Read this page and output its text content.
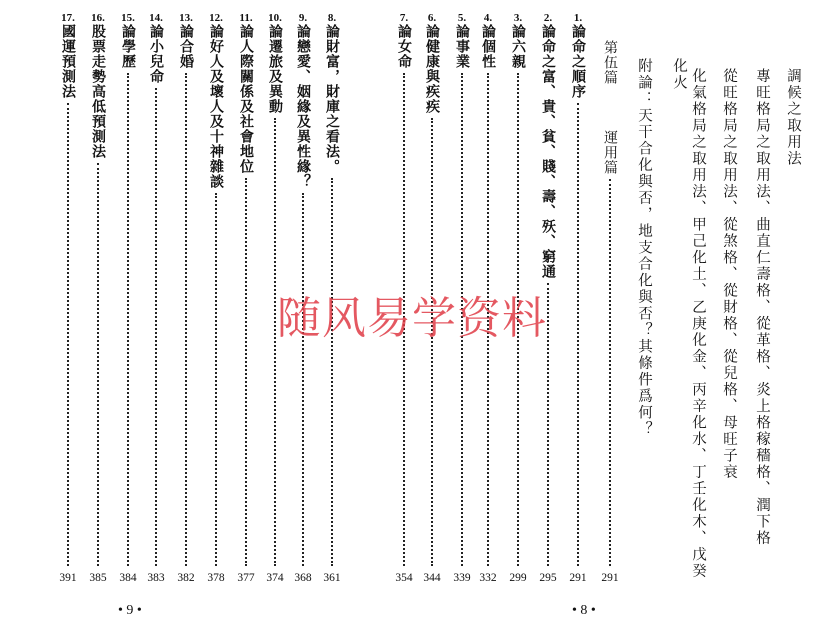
調候之取用法
專旺格局之取用法、曲直仁壽格、從革格、炎上格稼穡格、潤下格
從旺格局之取用法、從煞格、從財格、從兒格、母旺子衰
化氣格局之取用法、甲己化土、乙庚化金、丙辛化水、丁壬化木、戊癸
化火
附論：天干合化與否，地支合化與否？其條件爲何？
第伍篇
運用篇
291
1.
論命之順序
291
2.
論命之富、貴、貧、賤、壽、殀、窮通
295
3.
論六親
299
4.
論個性
332
5.
論事業
339
6.
論健康與疾疾
344
7.
論女命
354
• 8 •
8.
論財富，財庫之看法。
361
9.
論戀愛、姻緣及異性緣？
368
10.
論遷旅及異動
374
11.
論人際關係及社會地位
377
12.
論好人及壞人及十神雜談
378
13.
論合婚
382
14.
論小兒命
383
15.
論學歷
384
16.
股票走勢高低預測法
385
17.
國運預測法
391
• 9 •
随风易学资料
